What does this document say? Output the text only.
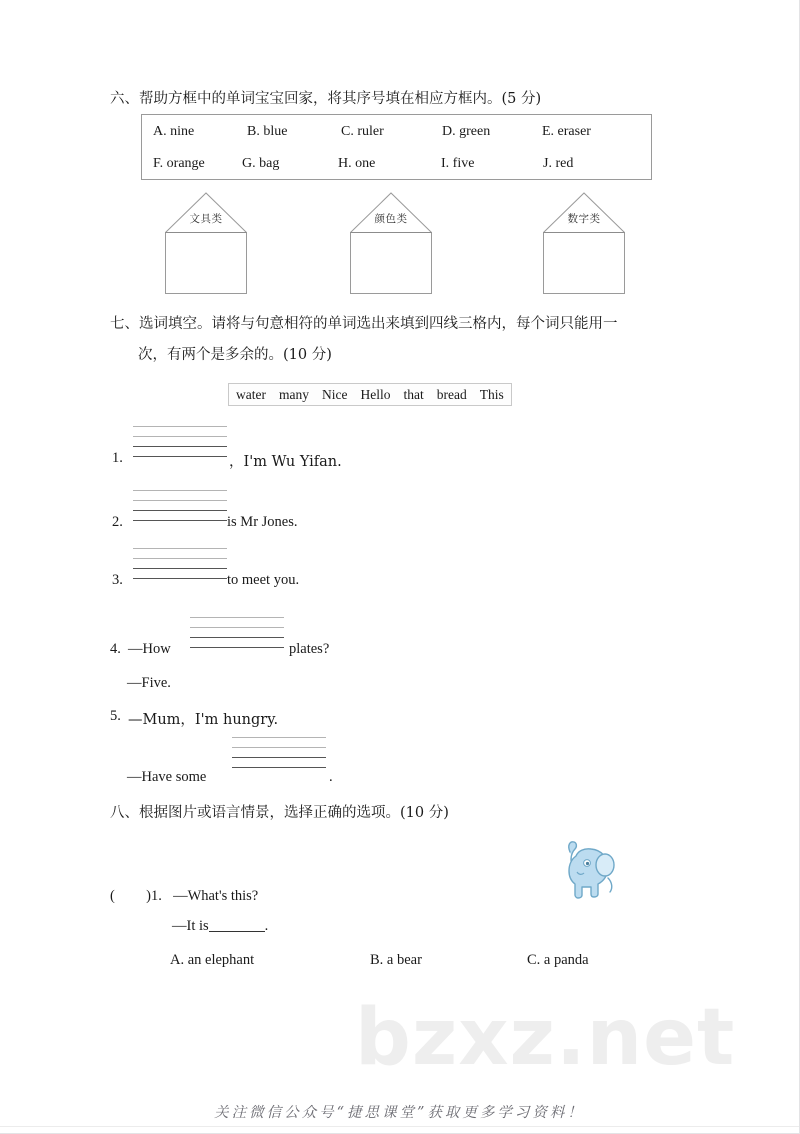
六、帮助方框中的单词宝宝回家，将其序号填在相应方框内。(5 分)
A. nine	B. blue	C. ruler	D. green	E. eraser
F. orange	G. bag	H. one	I. five	J. red
文具类	颜色类	数字类
七、选词填空。请将与句意相符的单词选出来填到四线三格内，每个词只能用一
次，有两个是多余的。(10 分)
water many Nice Hello that bread This
1.	，I'm Wu Yifan.
2.	is Mr Jones.
3.	to meet you.
4. —How	plates?
—Five.
5. —Mum，I'm hungry.
—Have some	.
八、根据图片或语言情景，选择正确的选项。(10 分)
( )1. —What's this?
—It is	.
A. an elephant	B. a bear	C. a panda
bzxz.net
关注微信公众号“捷思课堂”获取更多学习资料！
